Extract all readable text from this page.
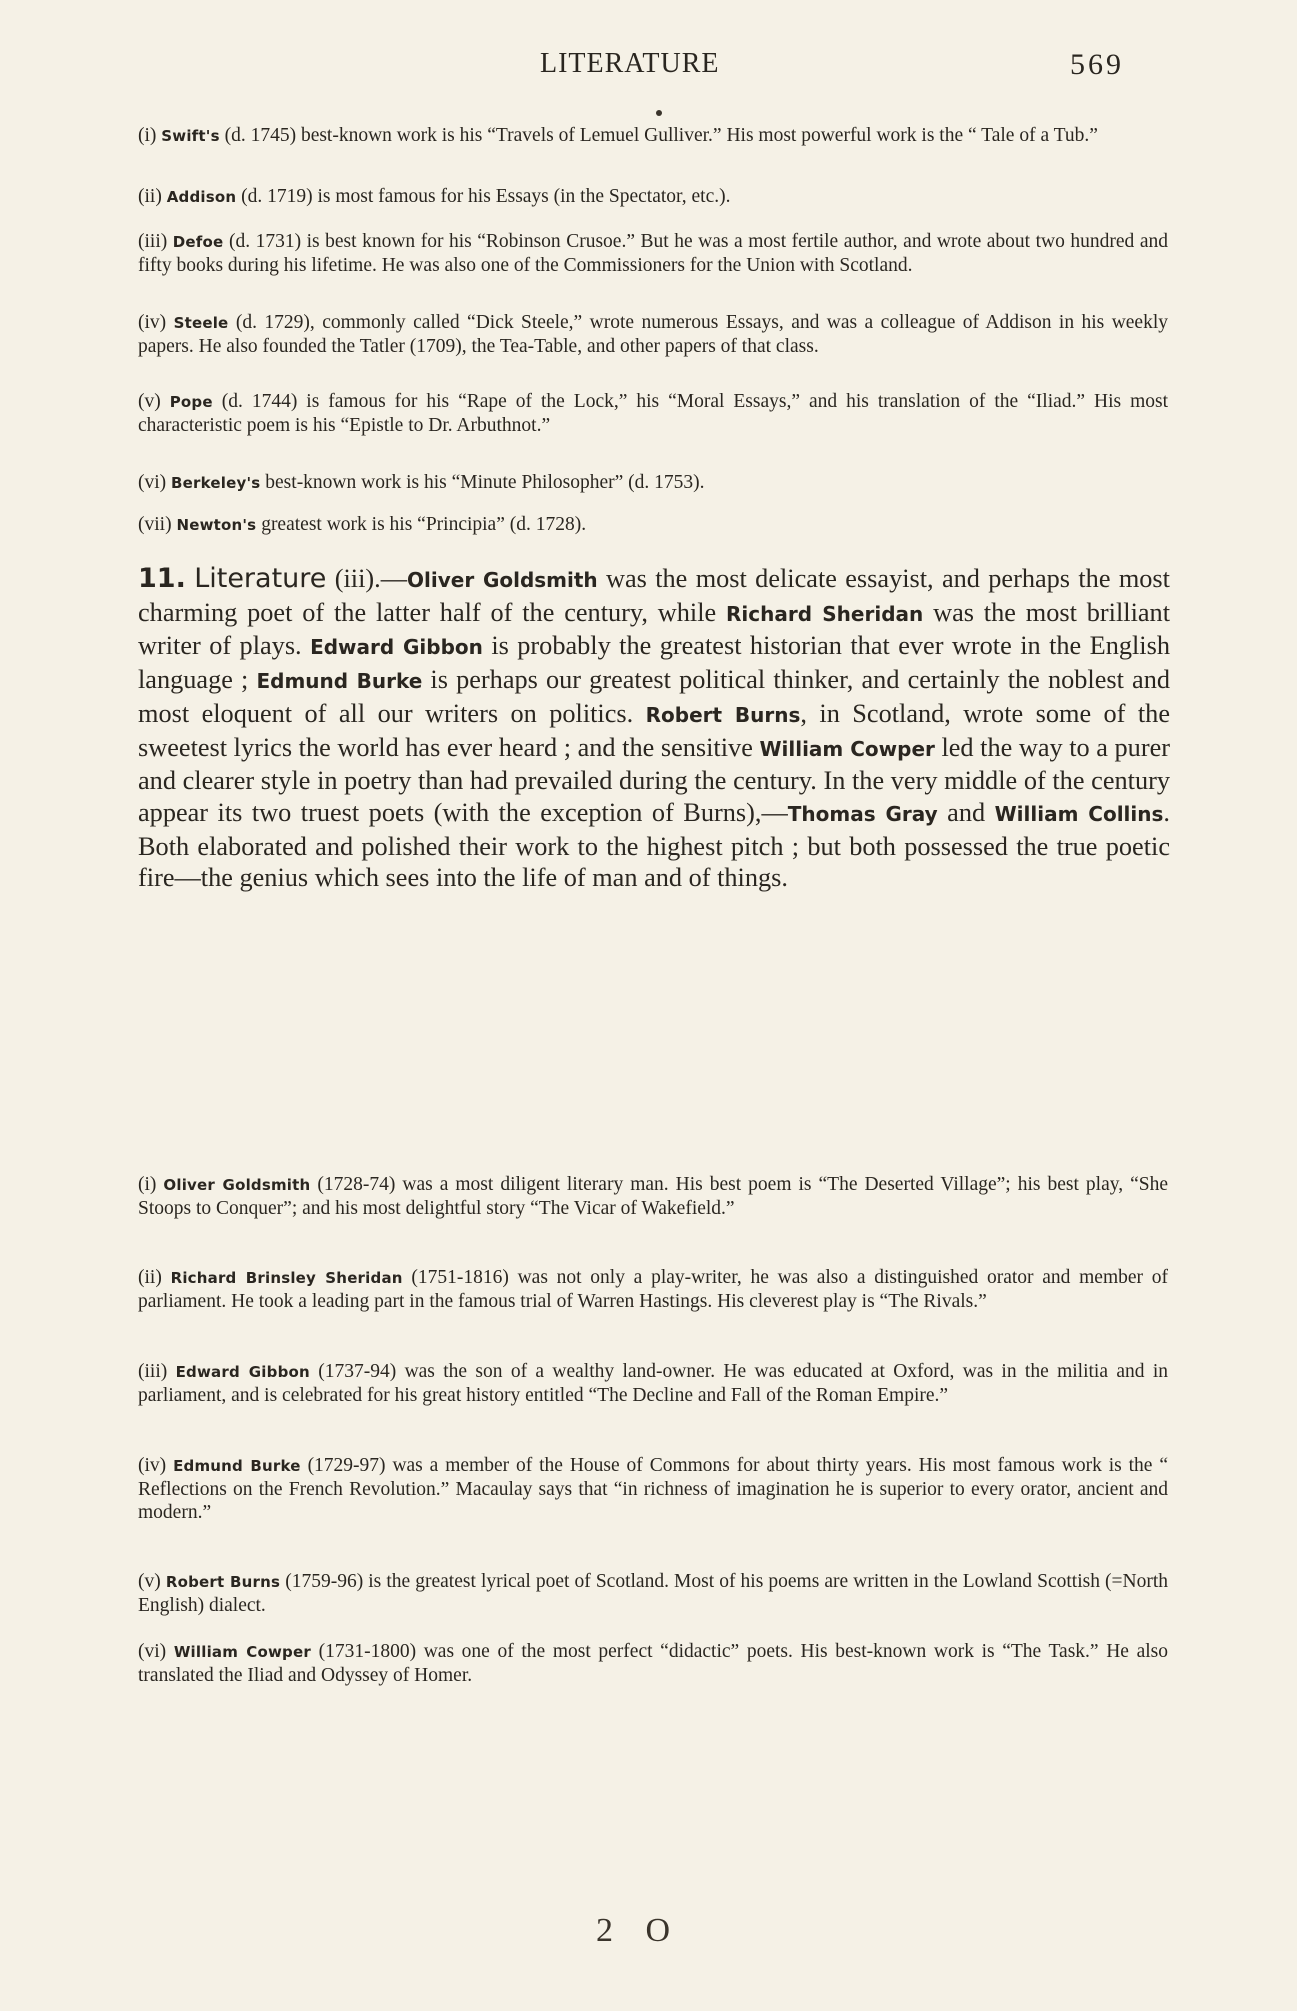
LITERATURE	569

(i) Swift's (d. 1745) best-known work is his “Travels of Lemuel Gulliver.” His most powerful work is the “ Tale of a Tub.”

(ii) Addison (d. 1719) is most famous for his Essays (in the Spectator, etc.).

(iii) Defoe (d. 1731) is best known for his “Robinson Crusoe.” But he was a most fertile author, and wrote about two hundred and fifty books during his lifetime. He was also one of the Commissioners for the Union with Scotland.

(iv) Steele (d. 1729), commonly called “Dick Steele,” wrote numerous Essays, and was a colleague of Addison in his weekly papers. He also founded the Tatler (1709), the Tea-Table, and other papers of that class.

(v) Pope (d. 1744) is famous for his “Rape of the Lock,” his “Moral Essays,” and his translation of the “Iliad.” His most characteristic poem is his “Epistle to Dr. Arbuthnot.”

(vi) Berkeley's best-known work is his “Minute Philosopher” (d. 1753).

(vii) Newton's greatest work is his “Principia” (d. 1728).

11. Literature (iii).—Oliver Goldsmith was the most delicate essayist, and perhaps the most charming poet of the latter half of the century, while Richard Sheridan was the most brilliant writer of plays. Edward Gibbon is probably the greatest historian that ever wrote in the English language ; Edmund Burke is perhaps our greatest political thinker, and certainly the noblest and most eloquent of all our writers on politics. Robert Burns, in Scotland, wrote some of the sweetest lyrics the world has ever heard ; and the sensitive William Cowper led the way to a purer and clearer style in poetry than had prevailed during the century. In the very middle of the century appear its two truest poets (with the exception of Burns),—Thomas Gray and William Collins. Both elaborated and polished their work to the highest pitch ; but both possessed the true poetic fire—the genius which sees into the life of man and of things.

(i) Oliver Goldsmith (1728-74) was a most diligent literary man. His best poem is “The Deserted Village”; his best play, “She Stoops to Conquer”; and his most delightful story “The Vicar of Wakefield.”

(ii) Richard Brinsley Sheridan (1751-1816) was not only a play-writer, he was also a distinguished orator and member of parliament. He took a leading part in the famous trial of Warren Hastings. His cleverest play is “The Rivals.”

(iii) Edward Gibbon (1737-94) was the son of a wealthy land-owner. He was educated at Oxford, was in the militia and in parliament, and is celebrated for his great history entitled “The Decline and Fall of the Roman Empire.”

(iv) Edmund Burke (1729-97) was a member of the House of Commons for about thirty years. His most famous work is the “ Reflections on the French Revolution.” Macaulay says that “in richness of imagination he is superior to every orator, ancient and modern.”

(v) Robert Burns (1759-96) is the greatest lyrical poet of Scotland. Most of his poems are written in the Lowland Scottish (=North English) dialect.

(vi) William Cowper (1731-1800) was one of the most perfect “didactic” poets. His best-known work is “The Task.” He also translated the Iliad and Odyssey of Homer.

2 O
